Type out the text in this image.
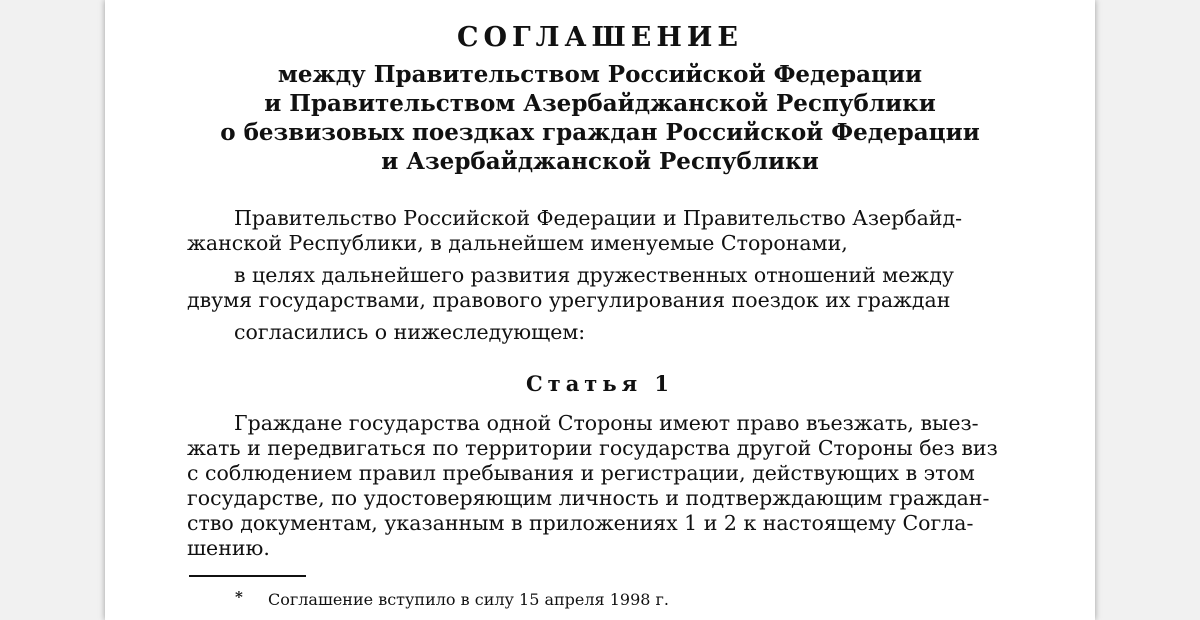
СОГЛАШЕНИЕ
между Правительством Российской Федерации
и Правительством Азербайджанской Республики
о безвизовых поездках граждан Российской Федерации
и Азербайджанской Республики
Правительство Российской Федерации и Правительство Азербайд-
жанской Республики, в дальнейшем именуемые Сторонами,
в целях дальнейшего развития дружественных отношений между
двумя государствами, правового урегулирования поездок их граждан
согласились о нижеследующем:
Статья 1
Граждане государства одной Стороны имеют право въезжать, выез-
жать и передвигаться по территории государства другой Стороны без виз
с соблюдением правил пребывания и регистрации, действующих в этом
государстве, по удостоверяющим личность и подтверждающим граждан-
ство документам, указанным в приложениях 1 и 2 к настоящему Согла-
шению.

* Соглашение вступило в силу 15 апреля 1998 г.
